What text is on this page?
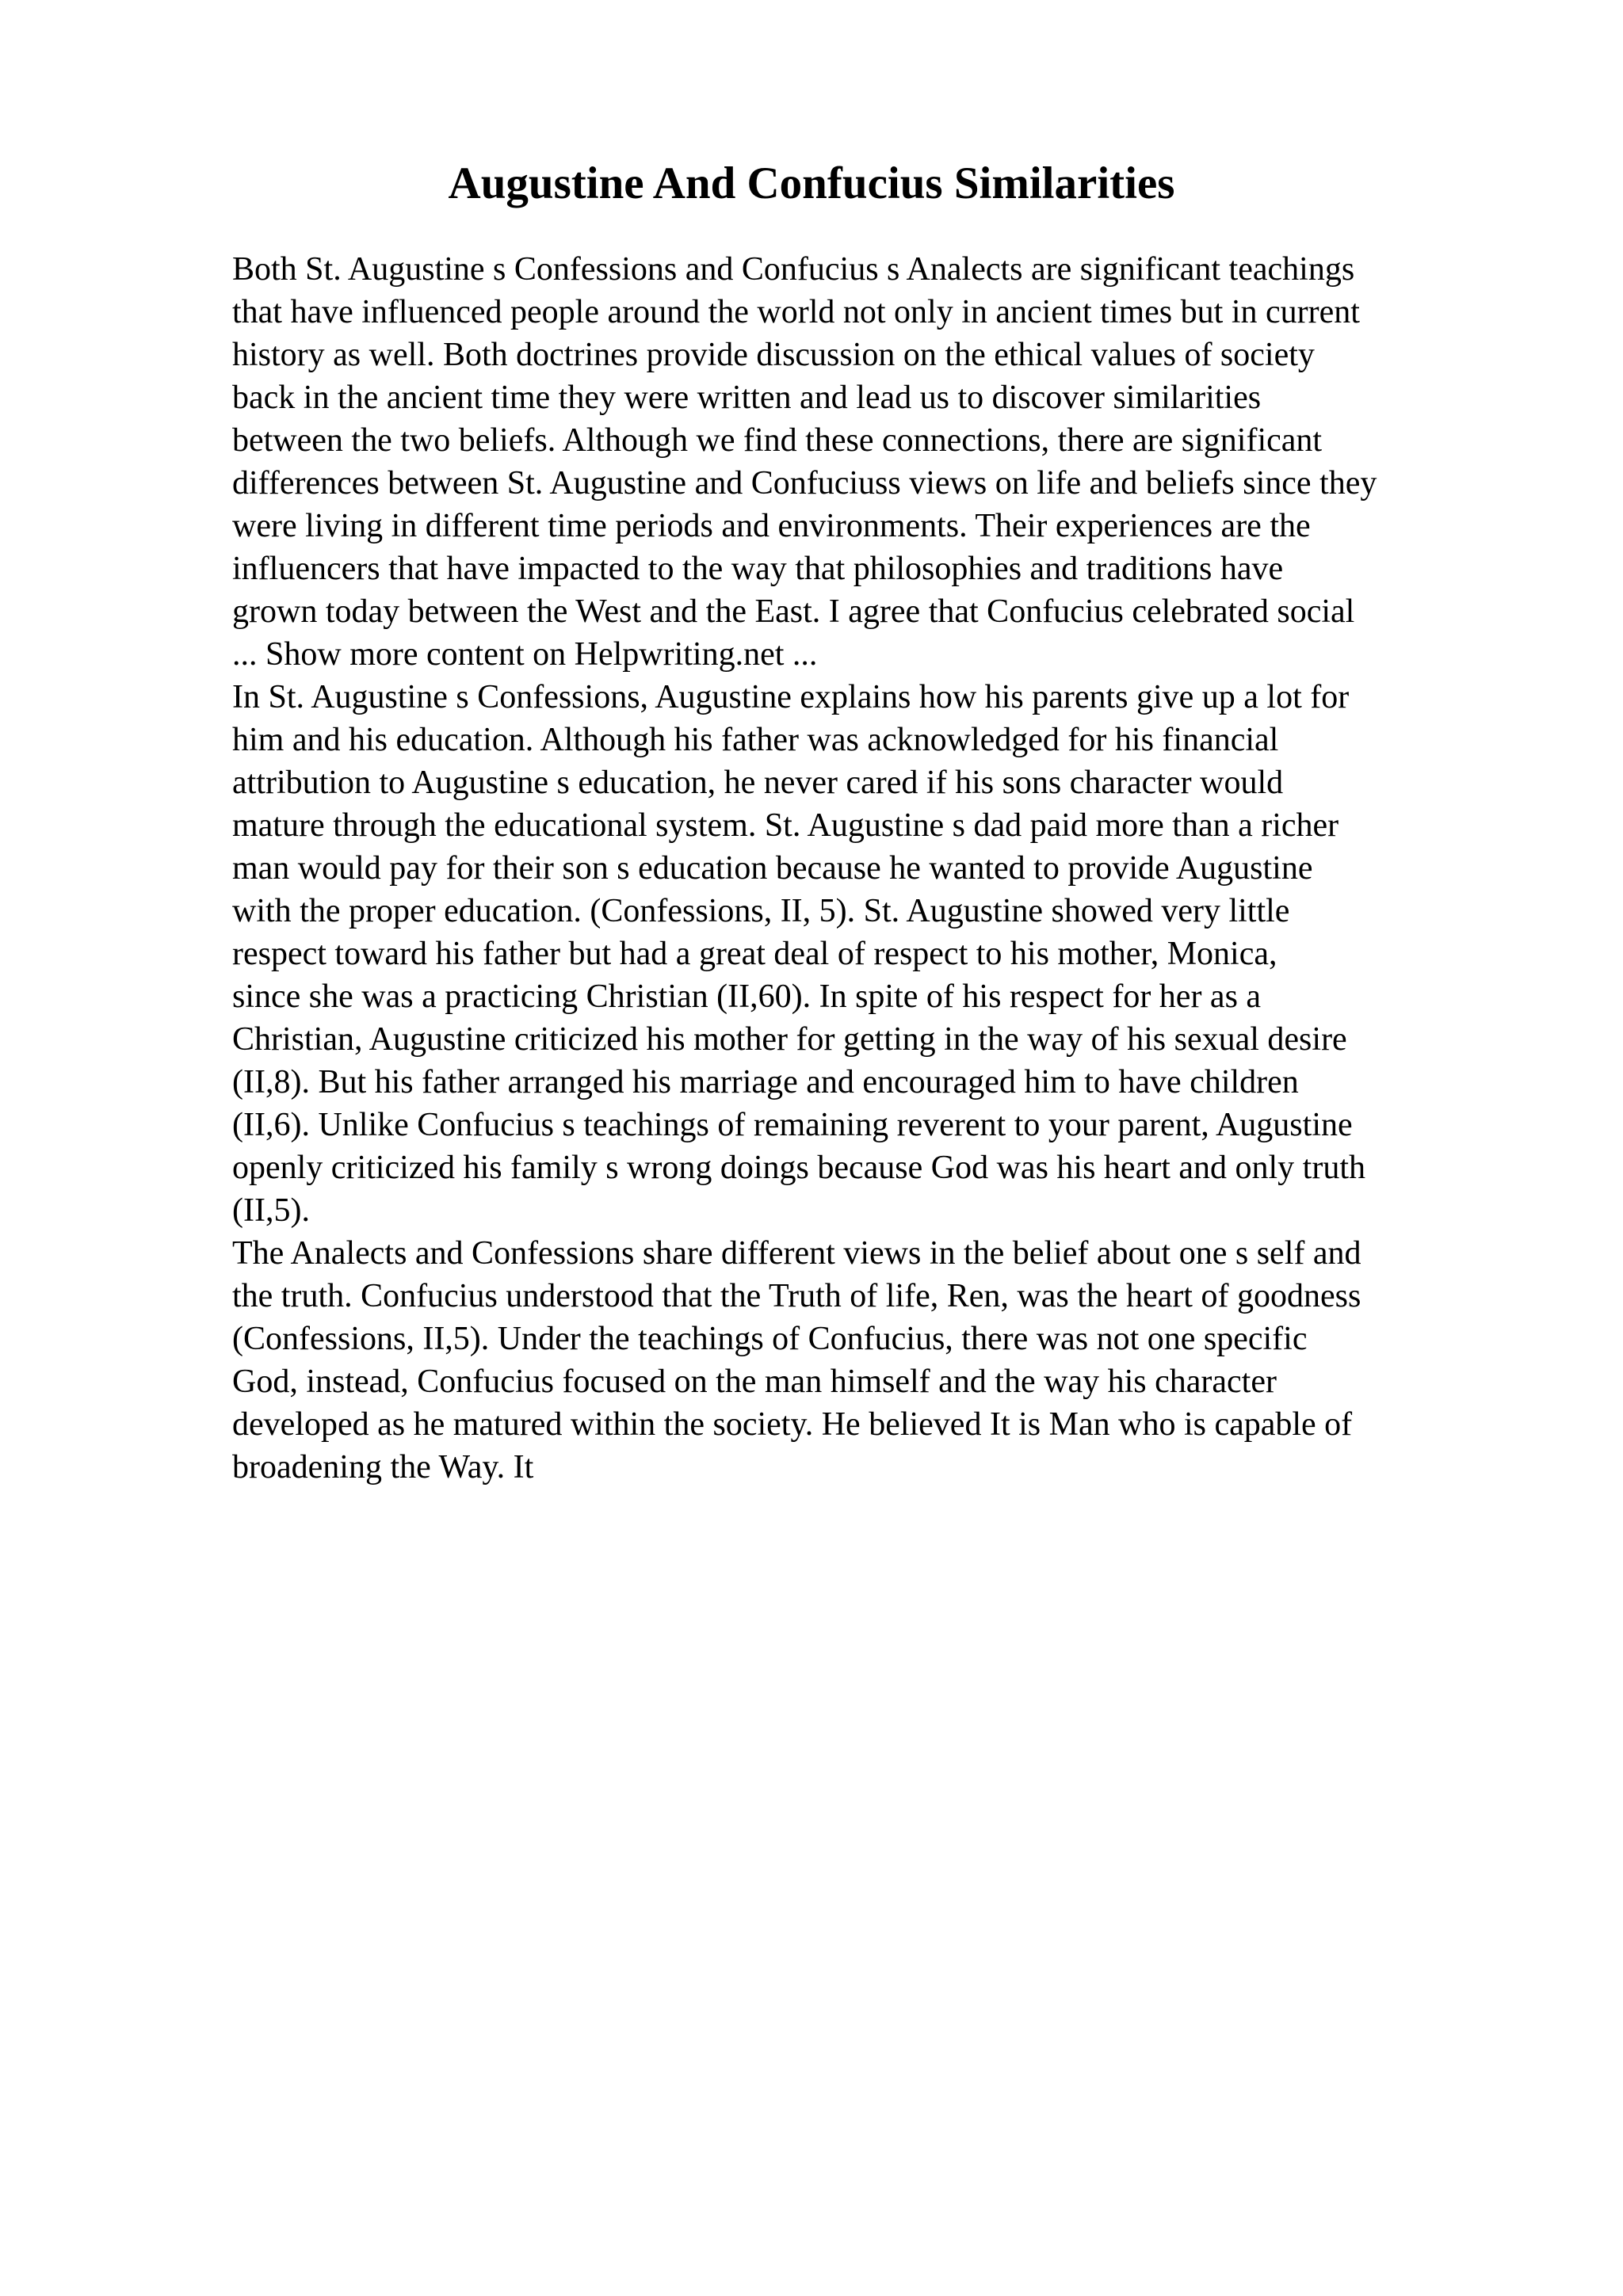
Augustine And Confucius Similarities
Both St. Augustine s Confessions and Confucius s Analects are significant teachings
that have influenced people around the world not only in ancient times but in current
history as well. Both doctrines provide discussion on the ethical values of society
back in the ancient time they were written and lead us to discover similarities
between the two beliefs. Although we find these connections, there are significant
differences between St. Augustine and Confuciuss views on life and beliefs since they
were living in different time periods and environments. Their experiences are the
influencers that have impacted to the way that philosophies and traditions have
grown today between the West and the East. I agree that Confucius celebrated social
... Show more content on Helpwriting.net ...
In St. Augustine s Confessions, Augustine explains how his parents give up a lot for
him and his education. Although his father was acknowledged for his financial
attribution to Augustine s education, he never cared if his sons character would
mature through the educational system. St. Augustine s dad paid more than a richer
man would pay for their son s education because he wanted to provide Augustine
with the proper education. (Confessions, II, 5). St. Augustine showed very little
respect toward his father but had a great deal of respect to his mother, Monica,
since she was a practicing Christian (II,60). In spite of his respect for her as a
Christian, Augustine criticized his mother for getting in the way of his sexual desire
(II,8). But his father arranged his marriage and encouraged him to have children
(II,6). Unlike Confucius s teachings of remaining reverent to your parent, Augustine
openly criticized his family s wrong doings because God was his heart and only truth
(II,5).
The Analects and Confessions share different views in the belief about one s self and
the truth. Confucius understood that the Truth of life, Ren, was the heart of goodness
(Confessions, II,5). Under the teachings of Confucius, there was not one specific
God, instead, Confucius focused on the man himself and the way his character
developed as he matured within the society. He believed It is Man who is capable of
broadening the Way. It
